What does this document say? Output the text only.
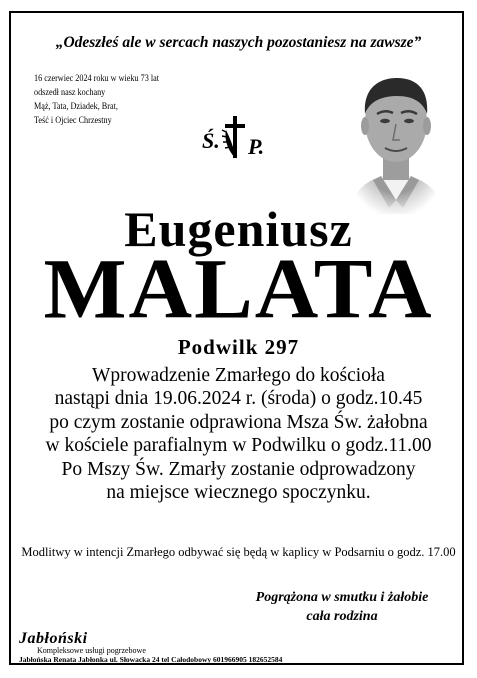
„Odeszłeś ale w sercach naszych pozostaniesz na zawsze”
16 czerwiec 2024 roku w wieku 73 lat
odszedł nasz kochany
Mąż, Tata, Dziadek, Brat,
Teść i Ojciec Chrzestny
Ś. P.
Eugeniusz
MALATA
Podwilk 297
Wprowadzenie Zmarłego do kościoła
nastąpi dnia 19.06.2024 r. (środa) o godz.10.45
po czym zostanie odprawiona Msza Św. żałobna
w kościele parafialnym w Podwilku o godz.11.00
Po Mszy Św. Zmarły zostanie odprowadzony
na miejsce wiecznego spoczynku.
Modlitwy w intencji Zmarłego odbywać się będą w kaplicy w Podsarniu o godz. 17.00
Pogrążona w smutku i żałobie
cała rodzina
Jabłoński
Kompleksowe usługi pogrzebowe
Jabłońska Renata Jabłonka ul. Słowacka 24 tel Całodobowy 601966905 182652584
